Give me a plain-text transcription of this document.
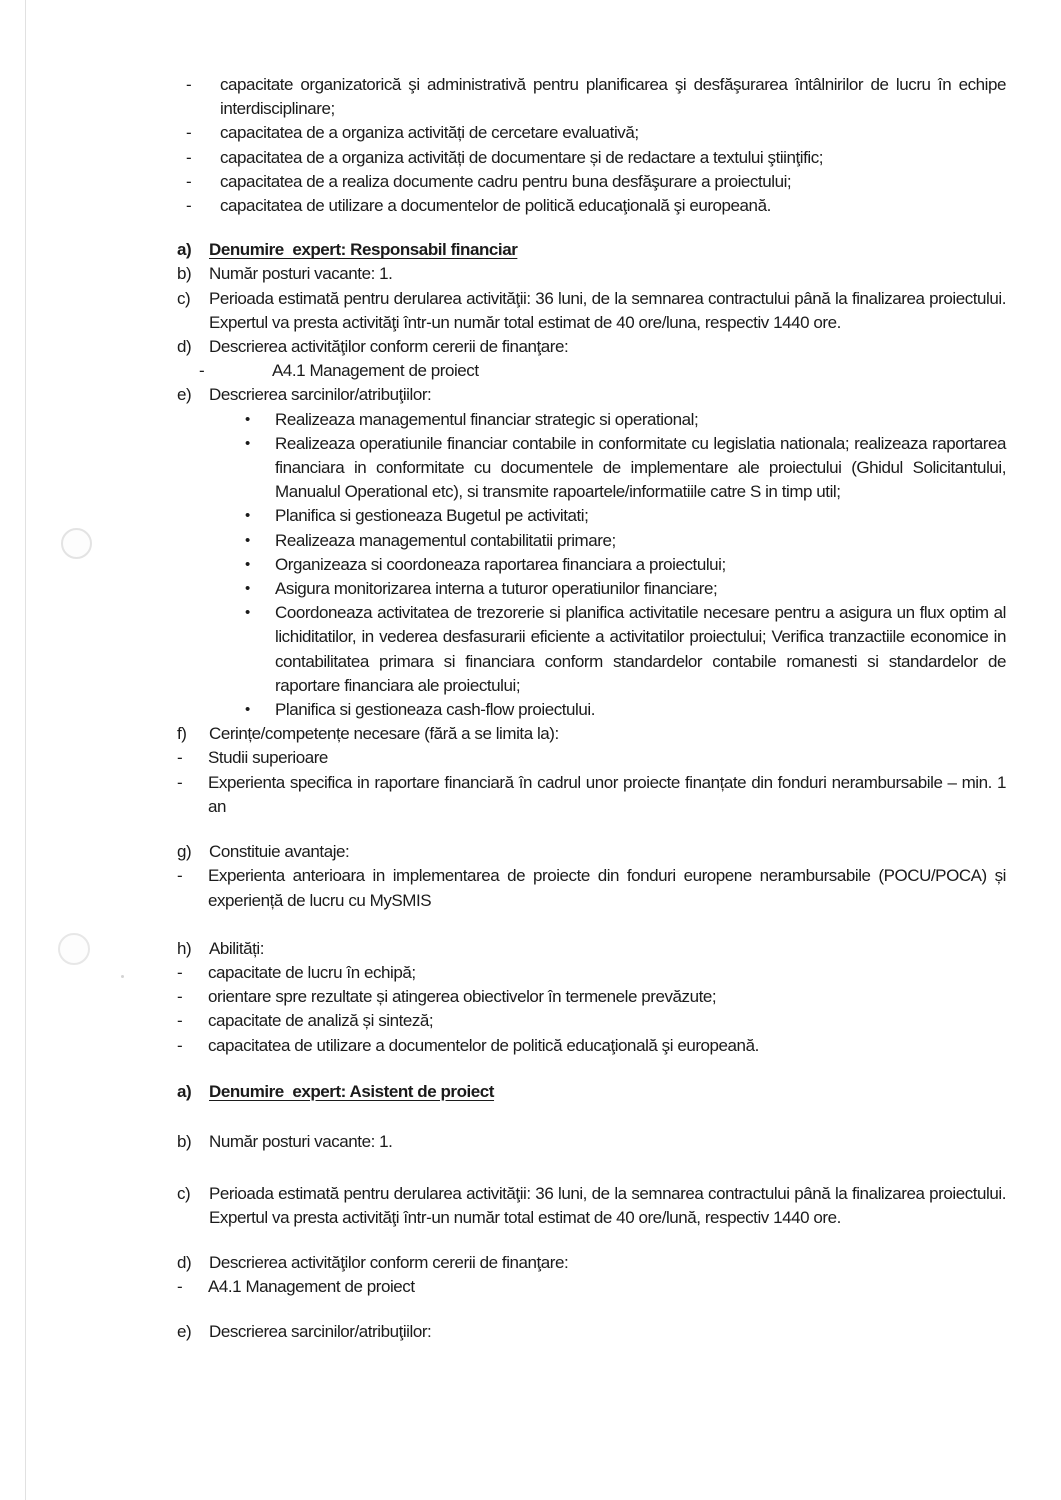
-	capacitate organizatorică şi administrativă pentru planificarea şi desfăşurarea întâlnirilor de lucru în echipe interdisciplinare;
-	capacitatea de a organiza activități de cercetare evaluativă;
-	capacitatea de a organiza activități de documentare și de redactare a textului ştiinţific;
-	capacitatea de a realiza documente cadru pentru buna desfăşurare a proiectului;
-	capacitatea de utilizare a documentelor de politică educaţională şi europeană.
a)	Denumire  expert: Responsabil financiar
b)	Număr posturi vacante: 1.
c)	Perioada estimată pentru derularea activităţii: 36 luni, de la semnarea contractului până la finalizarea proiectului. Expertul va presta activităţi într-un număr total estimat de 40 ore/luna, respectiv 1440 ore.
d)	Descrierea activităţilor conform cererii de finanţare:
-	A4.1 Management de proiect
e)	Descrierea sarcinilor/atribuţiilor:
•	Realizeaza managementul financiar strategic si operational;
•	Realizeaza operatiunile financiar contabile in conformitate cu legislatia nationala; realizeaza raportarea financiara in conformitate cu documentele de implementare ale proiectului (Ghidul Solicitantului, Manualul Operational etc), si transmite rapoartele/informatiile catre S in timp util;
•	Planifica si gestioneaza Bugetul pe activitati;
•	Realizeaza managementul contabilitatii primare;
•	Organizeaza si coordoneaza raportarea financiara a proiectului;
•	Asigura monitorizarea interna a tuturor operatiunilor financiare;
•	Coordoneaza activitatea de trezorerie si planifica activitatile necesare pentru a asigura un flux optim al lichiditatilor, in vederea desfasurarii eficiente a activitatilor proiectului; Verifica tranzactiile economice in contabilitatea primara si financiara conform standardelor contabile romanesti si standardelor de raportare financiara ale proiectului;
•	Planifica si gestioneaza cash-flow proiectului.
f)	Cerințe/competențe necesare (fără a se limita la):
-	Studii superioare
-	Experienta specifica in raportare financiară în cadrul unor proiecte finanțate din fonduri nerambursabile – min. 1 an
g)	Constituie avantaje:
-	Experienta anterioara in implementarea de proiecte din fonduri europene nerambursabile (POCU/POCA) și experiență de lucru cu MySMIS
h)	Abilități:
-	capacitate de lucru în echipă;
-	orientare spre rezultate și atingerea obiectivelor în termenele prevăzute;
-	capacitate de analiză și sinteză;
-	capacitatea de utilizare a documentelor de politică educaţională şi europeană.
a)	Denumire  expert: Asistent de proiect
b)	Număr posturi vacante: 1.
c)	Perioada estimată pentru derularea activităţii: 36 luni, de la semnarea contractului până la finalizarea proiectului. Expertul va presta activităţi într-un număr total estimat de 40 ore/lună, respectiv 1440 ore.
d)	Descrierea activităţilor conform cererii de finanţare:
-	A4.1 Management de proiect
e)	Descrierea sarcinilor/atribuţiilor:
